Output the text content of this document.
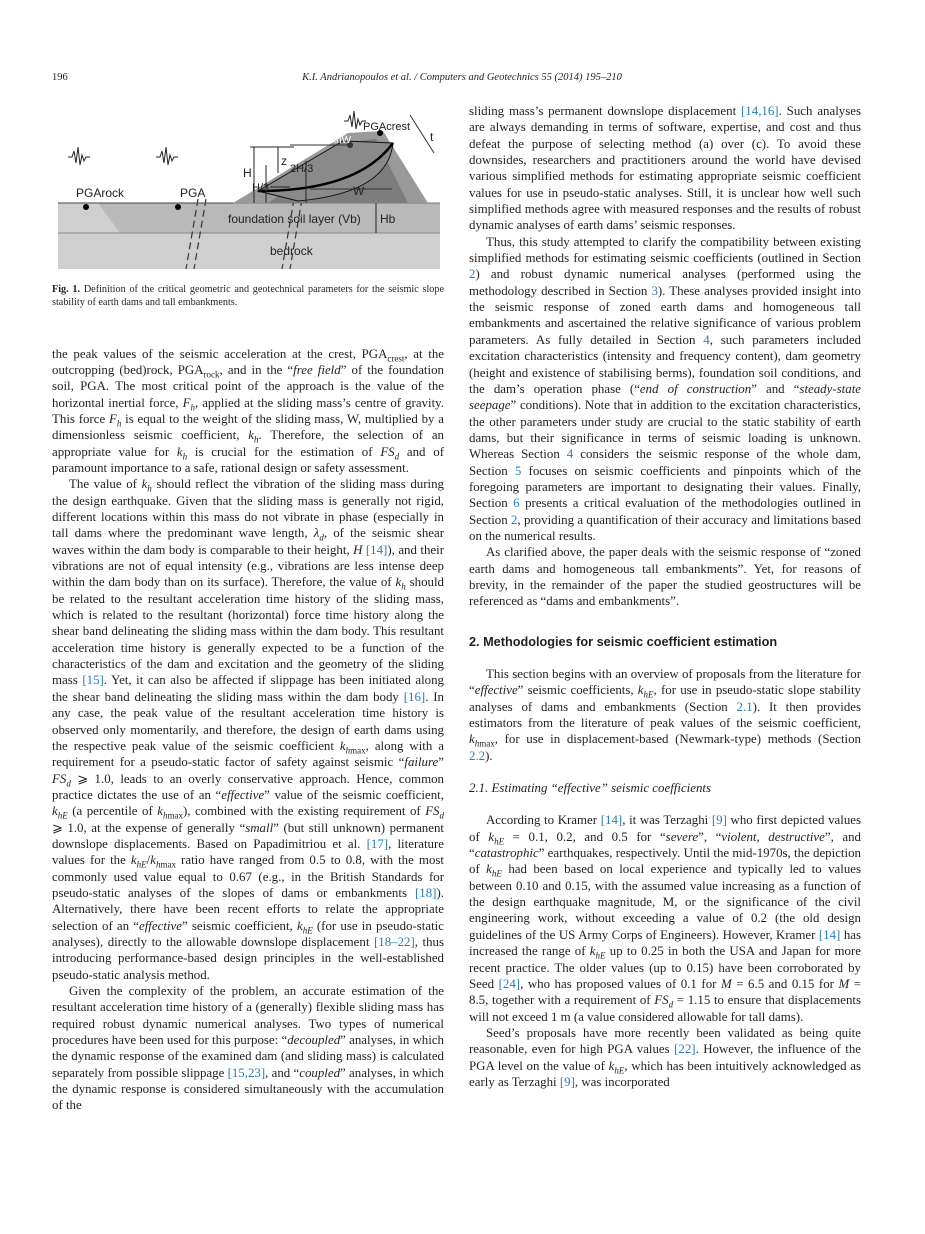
196	K.I. Andrianopoulos et al. / Computers and Geotechnics 55 (2014) 195–210
PGArock	PGA
PGAcrest
Fh = khW
z
H
H/3
2H/3
W
t
foundation soil layer (Vb) Hb
bedrock
Fig. 1. Definition of the critical geometric and geotechnical parameters for the seismic slope stability of earth dams and tall embankments.

the peak values of the seismic acceleration at the crest, $PGA_{crest}$, at the outcropping (bed)rock, $PGA_{rock}$, and in the “free field” of the foundation soil, PGA. The most critical point of the approach is the value of the horizontal inertial force, $F_h$, applied at the sliding mass’s centre of gravity. This force $F_h$ is equal to the weight of the sliding mass, W, multiplied by a dimensionless seismic coefficient, $k_h$. Therefore, the selection of an appropriate value for $k_h$ is crucial for the estimation of $FS_d$ and of paramount importance to a safe, rational design or safety assessment.

The value of $k_h$ should reflect the vibration of the sliding mass during the design earthquake. Given that the sliding mass is generally not rigid, different locations within this mass do not vibrate in phase (especially in tall dams where the predominant wave length, $\lambda_d$, of the seismic shear waves within the dam body is comparable to their height, H [14]), and their vibrations are not of equal intensity (e.g., vibrations are less intense deep within the dam body than on its surface). Therefore, the value of $k_h$ should be related to the resultant acceleration time history of the sliding mass, which is related to the resultant (horizontal) force time history along the shear band delineating the sliding mass within the dam body. This resultant acceleration time history is generally expected to be a function of the characteristics of the dam and excitation and the geometry of the sliding mass [15]. Yet, it can also be affected if slippage has been initiated along the shear band delineating the sliding mass within the dam body [16]. In any case, the peak value of the resultant acceleration time history is observed only momentarily, and therefore, the design of earth dams using the respective peak value of the seismic coefficient $k_{hmax}$, along with a requirement for a pseudo-static factor of safety against seismic “failure” $FS_d$ ⩾ 1.0, leads to an overly conservative approach. Hence, common practice dictates the use of an “effective” value of the seismic coefficient, $k_{hE}$ (a percentile of $k_{hmax}$), combined with the existing requirement of $FS_d$ ⩾ 1.0, at the expense of generally “small” (but still unknown) permanent downslope displacements. Based on Papadimitriou et al. [17], literature values for the $k_{hE}/k_{hmax}$ ratio have ranged from 0.5 to 0.8, with the most commonly used value equal to 0.67 (e.g., in the British Standards for pseudo-static analyses of the slopes of dams or embankments [18]). Alternatively, there have been recent efforts to relate the appropriate selection of an “effective” seismic coefficient, $k_{hE}$ (for use in pseudo-static analyses), directly to the allowable downslope displacement [18–22], thus introducing performance-based design principles in the well-established pseudo-static analysis method.

Given the complexity of the problem, an accurate estimation of the resultant acceleration time history of a (generally) flexible sliding mass has required robust dynamic numerical analyses. Two types of numerical procedures have been used for this purpose: “decoupled” analyses, in which the dynamic response of the examined dam (and sliding mass) is calculated separately from possible slippage [15,23], and “coupled” analyses, in which the dynamic response is considered simultaneously with the accumulation of the

sliding mass’s permanent downslope displacement [14,16]. Such analyses are always demanding in terms of software, expertise, and cost and thus defeat the purpose of selecting method (a) over (c). To avoid these downsides, researchers and practitioners around the world have devised various simplified methods for estimating appropriate seismic coefficient values for use in pseudo-static analyses. Still, it is unclear how well such simplified methods agree with measured responses and the results of robust dynamic analyses of earth dams’ seismic responses.

Thus, this study attempted to clarify the compatibility between existing simplified methods for estimating seismic coefficients (outlined in Section 2) and robust dynamic numerical analyses (performed using the methodology described in Section 3). These analyses provided insight into the seismic response of zoned earth dams and homogeneous tall embankments and ascertained the relative significance of various problem parameters. As fully detailed in Section 4, such parameters included excitation characteristics (intensity and frequency content), dam geometry (height and existence of stabilising berms), foundation soil conditions, and the dam’s operation phase (“end of construction” and “steady-state seepage” conditions). Note that in addition to the excitation characteristics, the other parameters under study are crucial to the static stability of earth dams, but their significance in terms of seismic loading is unknown. Whereas Section 4 considers the seismic response of the whole dam, Section 5 focuses on seismic coefficients and pinpoints which of the foregoing parameters are important to designating their values. Finally, Section 6 presents a critical evaluation of the methodologies outlined in Section 2, providing a quantification of their accuracy and limitations based on the numerical results.

As clarified above, the paper deals with the seismic response of “zoned earth dams and homogeneous tall embankments”. Yet, for reasons of brevity, in the remainder of the paper the studied geostructures will be referenced as “dams and embankments”.

2. Methodologies for seismic coefficient estimation

This section begins with an overview of proposals from the literature for “effective” seismic coefficients, $k_{hE}$, for use in pseudo-static slope stability analyses of dams and embankments (Section 2.1). It then provides estimators from the literature of peak values of the seismic coefficient, $k_{hmax}$, for use in displacement-based (Newmark-type) methods (Section 2.2).

2.1. Estimating “effective” seismic coefficients

According to Kramer [14], it was Terzaghi [9] who first depicted values of $k_{hE} = 0.1$, 0.2, and 0.5 for “severe”, “violent, destructive”, and “catastrophic” earthquakes, respectively. Until the mid-1970s, the depiction of $k_{hE}$ had been based on local experience and typically led to values between 0.10 and 0.15, with the assumed value increasing as a function of the design earthquake magnitude, M, or the significance of the civil engineering work, without exceeding a value of 0.2 (the old design guidelines of the US Army Corps of Engineers). However, Kramer [14] has increased the range of $k_{hE}$ up to 0.25 in both the USA and Japan for more recent practice. The older values (up to 0.15) have been corroborated by Seed [24], who has proposed values of 0.1 for M = 6.5 and 0.15 for M = 8.5, together with a requirement of $FS_d = 1.15$ to ensure that displacements will not exceed 1 m (a value considered allowable for tall dams).

Seed’s proposals have more recently been validated as being quite reasonable, even for high PGA values [22]. However, the influence of the PGA level on the value of $k_{hE}$, which has been intuitively acknowledged as early as Terzaghi [9], was incorporated
